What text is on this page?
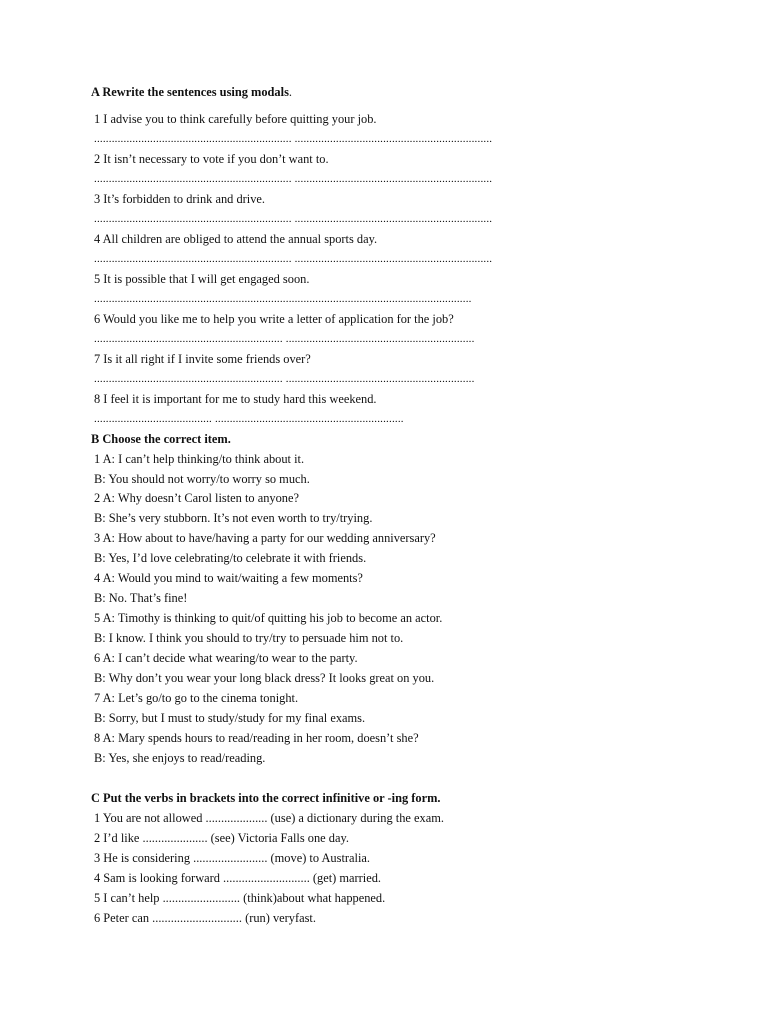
A Rewrite the sentences using modals.
1 I advise you to think carefully before quitting your job.
................................................................... ...................................................................
2 It isn’t necessary to vote if you don’t want to.
................................................................... ...................................................................
3 It’s forbidden to drink and drive.
................................................................... ...................................................................
4 All children are obliged to attend the annual sports day.
................................................................... ...................................................................
5 It is possible that I will get engaged soon.
................................................................................................................................
6 Would you like me to help you write a letter of application for the job?
................................................................ ................................................................
7 Is it all right if I invite some friends over?
................................................................ ................................................................
8 I feel it is important for me to study hard this weekend.
........................................ ................................................................
B Choose the correct item.
1 A: I can’t help thinking/to think about it.
B: You should not worry/to worry so much.
2 A: Why doesn’t Carol listen to anyone?
B: She’s very stubborn. It’s not even worth to try/trying.
3 A: How about to have/having a party for our wedding anniversary?
B: Yes, I’d love celebrating/to celebrate it with friends.
4 A: Would you mind to wait/waiting a few moments?
B: No. That’s fine!
5 A: Timothy is thinking to quit/of quitting his job to become an actor.
B: I know. I think you should to try/try to persuade him not to.
6 A: I can’t decide what wearing/to wear to the party.
B: Why don’t you wear your long black dress? It looks great on you.
7 A: Let’s go/to go to the cinema tonight.
B: Sorry, but I must to study/study for my final exams.
8 A: Mary spends hours to read/reading in her room, doesn’t she?
B: Yes, she enjoys to read/reading.
C Put the verbs in brackets into the correct infinitive or -ing form.
1 You are not allowed .................... (use) a dictionary during the exam.
2 I’d like ..................... (see) Victoria Falls one day.
3 He is considering ........................ (move) to Australia.
4 Sam is looking forward ............................ (get) married.
5 I can’t help ......................... (think)about what happened.
6 Peter can ............................. (run) veryfast.
